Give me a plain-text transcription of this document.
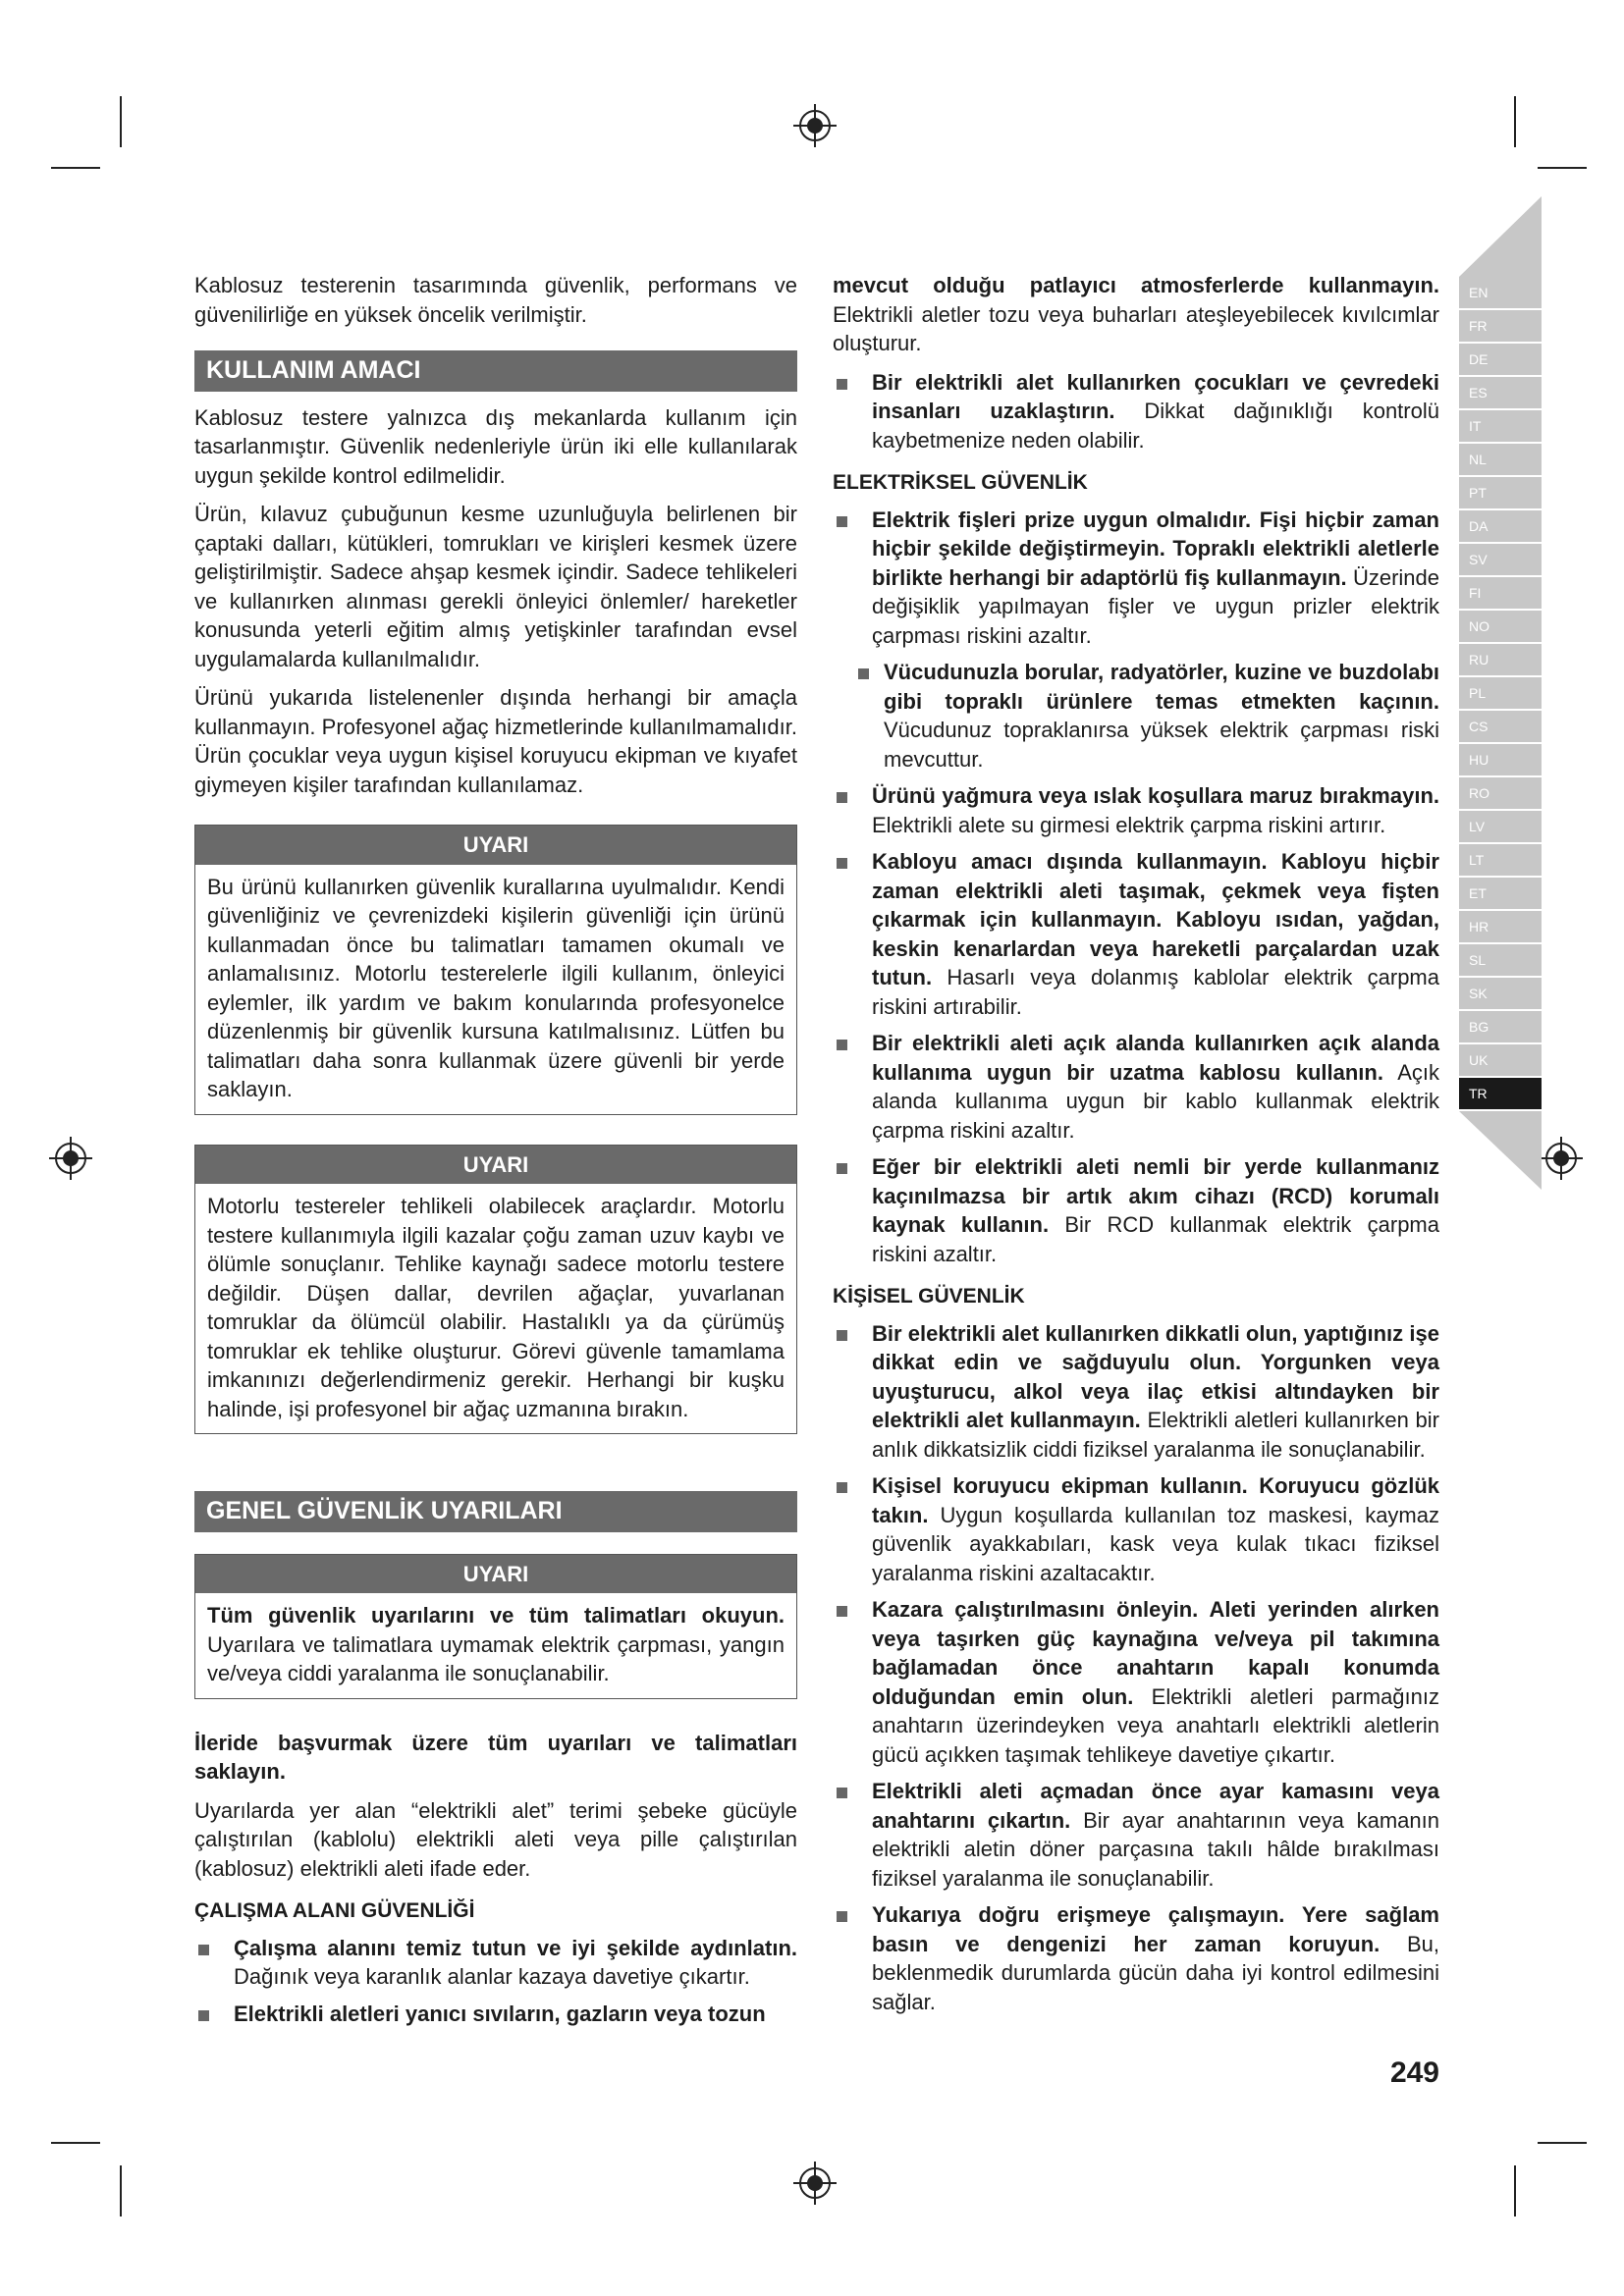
EN
FR
DE
ES
IT
NL
PT
DA
SV
FI
NO
RU
PL
CS
HU
RO
LV
LT
ET
HR
SL
SK
BG
UK
TR

Kablosuz testerenin tasarımında güvenlik, performans ve güvenilirliğe en yüksek öncelik verilmiştir.

KULLANIM AMACI

Kablosuz testere yalnızca dış mekanlarda kullanım için tasarlanmıştır. Güvenlik nedenleriyle ürün iki elle kullanılarak uygun şekilde kontrol edilmelidir.

Ürün, kılavuz çubuğunun kesme uzunluğuyla belirlenen bir çaptaki dalları, kütükleri, tomrukları ve kirişleri kesmek üzere geliştirilmiştir. Sadece ahşap kesmek içindir. Sadece tehlikeleri ve kullanırken alınması gerekli önleyici önlemler/ hareketler konusunda yeterli eğitim almış yetişkinler tarafından evsel uygulamalarda kullanılmalıdır.

Ürünü yukarıda listelenenler dışında herhangi bir amaçla kullanmayın. Profesyonel ağaç hizmetlerinde kullanılmamalıdır. Ürün çocuklar veya uygun kişisel koruyucu ekipman ve kıyafet giymeyen kişiler tarafından kullanılamaz.

UYARI
Bu ürünü kullanırken güvenlik kurallarına uyulmalıdır. Kendi güvenliğiniz ve çevrenizdeki kişilerin güvenliği için ürünü kullanmadan önce bu talimatları tamamen okumalı ve anlamalısınız. Motorlu testerelerle ilgili kullanım, önleyici eylemler, ilk yardım ve bakım konularında profesyonelce düzenlenmiş bir güvenlik kursuna katılmalısınız. Lütfen bu talimatları daha sonra kullanmak üzere güvenli bir yerde saklayın.
UYARI
Motorlu testereler tehlikeli olabilecek araçlardır. Motorlu testere kullanımıyla ilgili kazalar çoğu zaman uzuv kaybı ve ölümle sonuçlanır. Tehlike kaynağı sadece motorlu testere değildir. Düşen dallar, devrilen ağaçlar, yuvarlanan tomruklar da ölümcül olabilir. Hastalıklı ya da çürümüş tomruklar ek tehlike oluşturur. Görevi güvenle tamamlama imkanınızı değerlendirmeniz gerekir. Herhangi bir kuşku halinde, işi profesyonel bir ağaç uzmanına bırakın.
GENEL GÜVENLİK UYARILARI
UYARI
Tüm güvenlik uyarılarını ve tüm talimatları okuyun. Uyarılara ve talimatlara uymamak elektrik çarpması, yangın ve/veya ciddi yaralanma ile sonuçlanabilir.

İleride başvurmak üzere tüm uyarıları ve talimatları saklayın.

Uyarılarda yer alan “elektrikli alet” terimi şebeke gücüyle çalıştırılan (kablolu) elektrikli aleti veya pille çalıştırılan (kablosuz) elektrikli aleti ifade eder.

ÇALIŞMA ALANI GÜVENLİĞİ
Çalışma alanını temiz tutun ve iyi şekilde aydınlatın. Dağınık veya karanlık alanlar kazaya davetiye çıkartır.
Elektrikli aletleri yanıcı sıvıların, gazların veya tozun

mevcut olduğu patlayıcı atmosferlerde kullanmayın. Elektrikli aletler tozu veya buharları ateşleyebilecek kıvılcımlar oluşturur.

Bir elektrikli alet kullanırken çocukları ve çevredeki insanları uzaklaştırın. Dikkat dağınıklığı kontrolü kaybetmenize neden olabilir.
ELEKTRİKSEL GÜVENLİK
Elektrik fişleri prize uygun olmalıdır. Fişi hiçbir zaman hiçbir şekilde değiştirmeyin. Topraklı elektrikli aletlerle birlikte herhangi bir adaptörlü fiş kullanmayın. Üzerinde değişiklik yapılmayan fişler ve uygun prizler elektrik çarpması riskini azaltır.
Vücudunuzla borular, radyatörler, kuzine ve buzdolabı gibi topraklı ürünlere temas etmekten kaçının. Vücudunuz topraklanırsa yüksek elektrik çarpması riski mevcuttur.
Ürünü yağmura veya ıslak koşullara maruz bırakmayın. Elektrikli alete su girmesi elektrik çarpma riskini artırır.
Kabloyu amacı dışında kullanmayın. Kabloyu hiçbir zaman elektrikli aleti taşımak, çekmek veya fişten çıkarmak için kullanmayın. Kabloyu ısıdan, yağdan, keskin kenarlardan veya hareketli parçalardan uzak tutun. Hasarlı veya dolanmış kablolar elektrik çarpma riskini artırabilir.
Bir elektrikli aleti açık alanda kullanırken açık alanda kullanıma uygun bir uzatma kablosu kullanın. Açık alanda kullanıma uygun bir kablo kullanmak elektrik çarpma riskini azaltır.
Eğer bir elektrikli aleti nemli bir yerde kullanmanız kaçınılmazsa bir artık akım cihazı (RCD) korumalı kaynak kullanın. Bir RCD kullanmak elektrik çarpma riskini azaltır.
KİŞİSEL GÜVENLİK
Bir elektrikli alet kullanırken dikkatli olun, yaptığınız işe dikkat edin ve sağduyulu olun. Yorgunken veya uyuşturucu, alkol veya ilaç etkisi altındayken bir elektrikli alet kullanmayın. Elektrikli aletleri kullanırken bir anlık dikkatsizlik ciddi fiziksel yaralanma ile sonuçlanabilir.
Kişisel koruyucu ekipman kullanın. Koruyucu gözlük takın. Uygun koşullarda kullanılan toz maskesi, kaymaz güvenlik ayakkabıları, kask veya kulak tıkacı fiziksel yaralanma riskini azaltacaktır.
Kazara çalıştırılmasını önleyin. Aleti yerinden alırken veya taşırken güç kaynağına ve/veya pil takımına bağlamadan önce anahtarın kapalı konumda olduğundan emin olun. Elektrikli aletleri parmağınız anahtarın üzerindeyken veya anahtarlı elektrikli aletlerin gücü açıkken taşımak tehlikeye davetiye çıkartır.
Elektrikli aleti açmadan önce ayar kamasını veya anahtarını çıkartın. Bir ayar anahtarının veya kamanın elektrikli aletin döner parçasına takılı hâlde bırakılması fiziksel yaralanma ile sonuçlanabilir.
Yukarıya doğru erişmeye çalışmayın. Yere sağlam basın ve dengenizi her zaman koruyun. Bu, beklenmedik durumlarda gücün daha iyi kontrol edilmesini sağlar.
249
